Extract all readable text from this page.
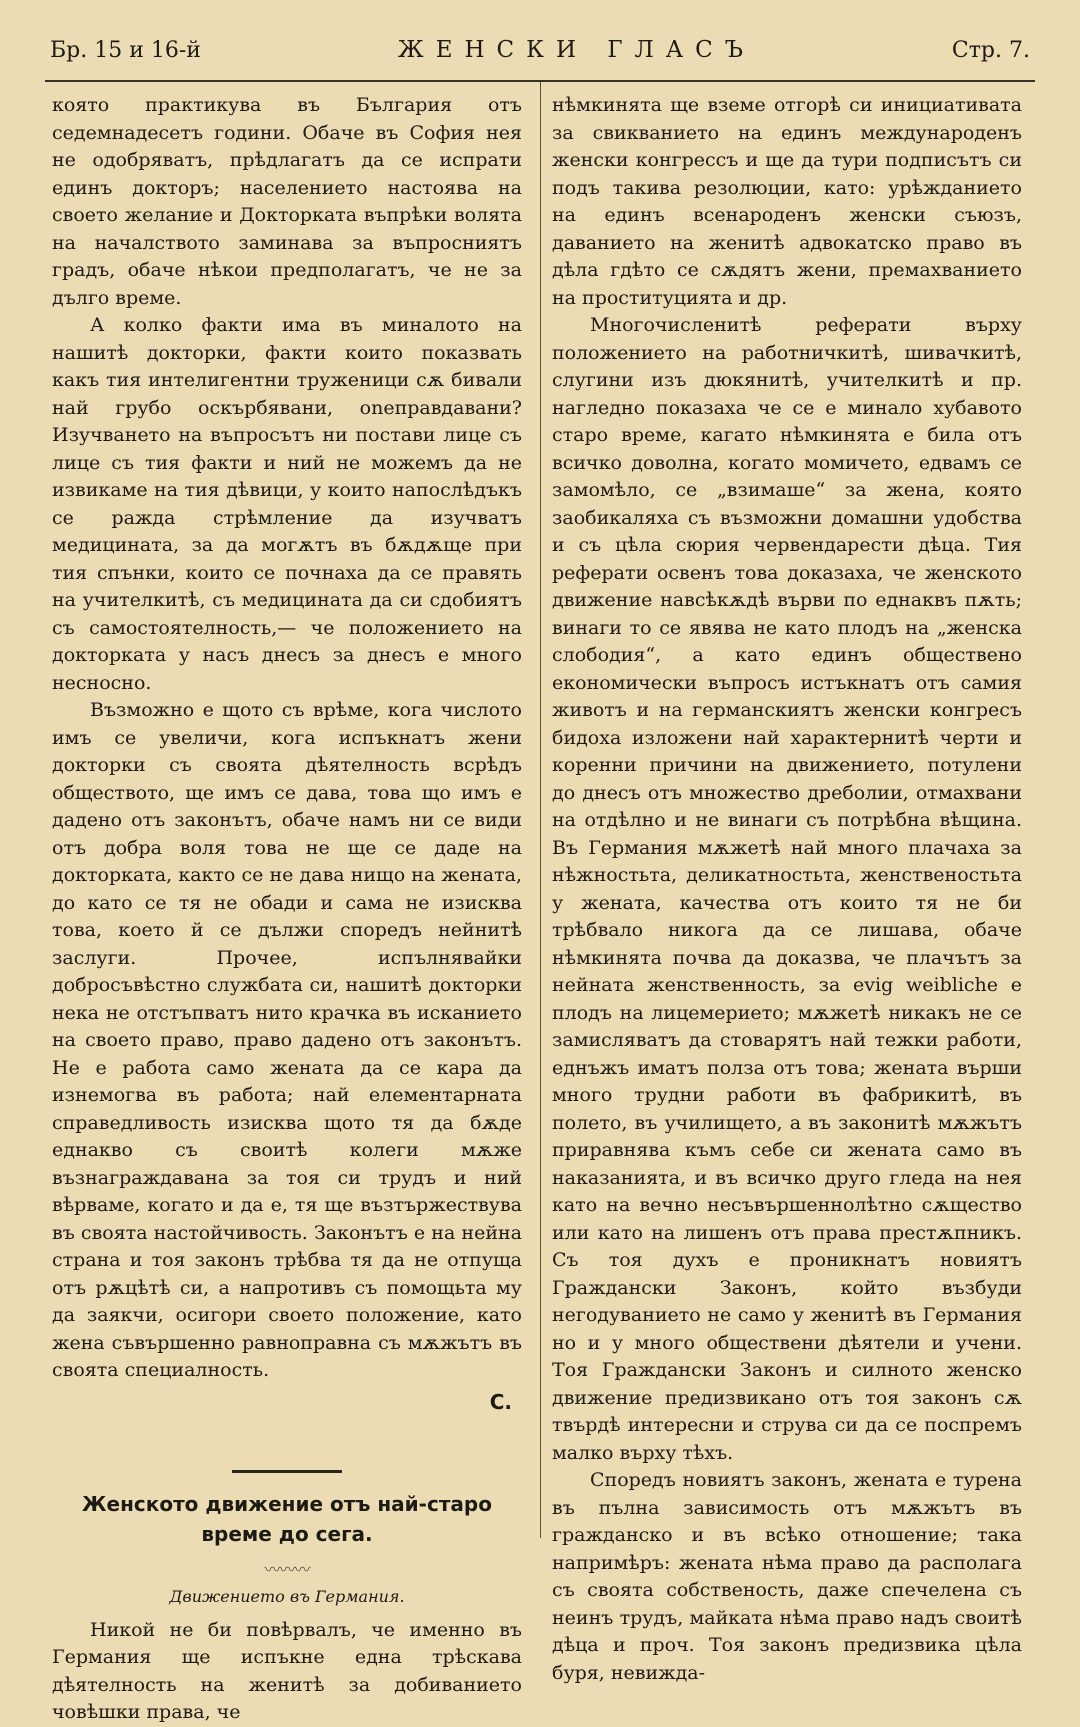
Бр. 15 и 16-й	ЖЕНСКИ ГЛАСЪ	Стр. 7.

която практикува въ България отъ седемнадесетъ години. Обаче въ София нея не одобряватъ, прѣдлагатъ да се испрати единъ докторъ; населението настоява на своето желание и Докторката въпрѣки волята на началството заминава за въпросниятъ градъ, обаче нѣкои предполагатъ, че не за дълго време.

А колко факти има въ миналото на нашитѣ докторки, факти които показвать какъ тия интелигентни труженици сѫ бивали най грубо оскърбявани, оneправдавани? Изучването на въпросътъ ни постави лице съ лице съ тия факти и ний не можемъ да не извикаме на тия дѣвици, у които напослѣдъкъ се ражда стрѣмление да изучватъ медицината, за да могѫтъ въ бѫдѫще при тия спънки, които се почнаха да се правять на учителкитѣ, съ медицината да си сдобиятъ съ самостоятелность,— че положението на докторката у насъ днесъ за днесъ е много несносно.

Възможно е щото съ врѣме, кога числото имъ се увеличи, кога испъкнатъ жени докторки съ своята дѣятелность всрѣдъ обществото, ще имъ се дава, това що имъ е дадено отъ законътъ, обаче намъ ни се види отъ добра воля това не ще се даде на докторката, както се не дава нищо на жената, до като се тя не обади и сама не изисква това, което й се дължи споредъ нейнитѣ заслуги. Прочее, испълнявайки добросъвѣстно службата си, нашитѣ докторки нека не отстъпватъ нито крачка въ исканието на своето право, право дадено отъ законътъ. Не е работа само жената да се кара да изнемогва въ работа; най елементарната справедливость изисква щото тя да бѫде еднакво съ своитѣ колеги мѫже възнаграждавана за тоя си трудъ и ний вѣрваме, когато и да е, тя ще възтържествува въ своята настойчивость. Законътъ е на нейна страна и тоя законъ трѣбва тя да не отпуща отъ рѫцѣтѣ си, а напротивъ съ помощьта му да заякчи, осигори своето положение, като жена съвършенно равноправна съ мѫжътъ въ своята специалность.

С.

Женското движение отъ най-старо време до сега.

〰〰〰

Движението въ Германия.

Никой не би повѣрвалъ, че именно въ Германия ще испъкне една трѣскава дѣятелность на женитѣ за добиванието човѣшки права, че

нѣмкинята ще вземе отгорѣ си инициативата за свикванието на единъ международенъ женски конгрессъ и ще да тури подписътъ си подъ такива резолюции, като: урѣжданието на единъ всенароденъ женски съюзъ, даванието на женитѣ адвокатско право въ дѣла гдѣто се сѫдятъ жени, премахванието на проституцията и др.

Многочисленитѣ реферати върху положението на работничкитѣ, шивачкитѣ, слугини изъ дюкянитѣ, учителкитѣ и пр. нагледно показаха че се е минало хубавото старо време, кагато нѣмкинята е била отъ всичко доволна, когато момичето, едвамъ се замомѣло, се „взимаше“ за жена, която заобикаляха съ възможни домашни удобства и съ цѣла сюрия червендарести дѣца. Тия реферати освенъ това доказаха, че женското движение навсѣкѫдѣ върви по еднаквъ пѫть; винаги то се явява не като плодъ на „женска слободия“, а като единъ обществено економически въпросъ истъкнатъ отъ самия животъ и на германскиятъ женски конгресъ бидоха изложени най характернитѣ черти и коренни причини на движението, потулени до днесъ отъ множество дреболии, отмахвани на отдѣлно и не винаги съ потрѣбна вѣщина. Въ Германия мѫжетѣ най много плачаха за нѣжностьта, деликатностьта, женственостьта у жената, качества отъ които тя не би трѣбвало никога да се лишава, обаче нѣмкинята почва да доказва, че плачътъ за нейната женственность, за evig weibliche е плодъ на лицемерието; мѫжетѣ никакъ не се замисляватъ да стоварятъ най тежки работи, еднъжъ иматъ полза отъ това; жената върши много трудни работи въ фабрикитѣ, въ полето, въ училището, а въ законитѣ мѫжътъ приравнява къмъ себе си жената само въ наказанията, и въ всичко друго гледа на нея като на вечно несъвършеннолѣтно сѫщество или като на лишенъ отъ права престѫпникъ. Съ тоя духъ е проникнатъ новиятъ Граждански Законъ, който възбуди негодуванието не само у женитѣ въ Германия но и у много обществени дѣятели и учени. Тоя Граждански Законъ и силното женско движение предизвикано отъ тоя законъ сѫ твърдѣ интересни и струва си да се поспремъ малко върху тѣхъ.

Споредъ новиятъ законъ, жената е турена въ пълна зависимость отъ мѫжътъ въ гражданско и въ всѣко отношение; така напримѣръ: жената нѣма право да располага съ своята собственость, даже спечелена съ неинъ трудъ, майката нѣма право надъ своитѣ дѣца и проч. Тоя законъ предизвика цѣла буря, невижда-
